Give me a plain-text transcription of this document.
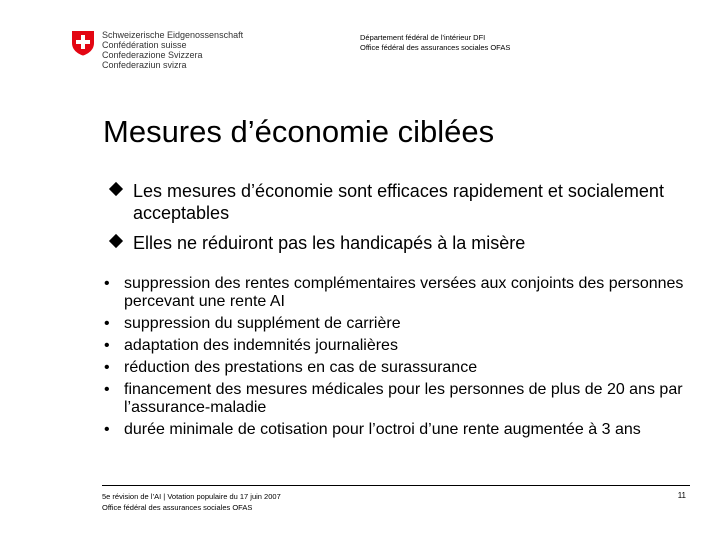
Schweizerische Eidgenossenschaft
Confédération suisse
Confederazione Svizzera
Confederaziun svizra
Département fédéral de l'intérieur DFI
Office fédéral des assurances sociales OFAS
Mesures d’économie ciblées
Les mesures d’économie sont efficaces rapidement et socialement acceptables
Elles ne réduiront pas les handicapés à la misère
• suppression des rentes complémentaires versées aux conjoints des personnes percevant une rente AI
• suppression du supplément de carrière
• adaptation des indemnités journalières
• réduction des prestations en cas de surassurance
• financement des mesures médicales pour les personnes de plus de 20 ans par l’assurance-maladie
• durée minimale de cotisation pour l’octroi d’une rente augmentée à 3 ans
5e révision de l’AI | Votation populaire du 17 juin 2007
Office fédéral des assurances sociales OFAS
11
